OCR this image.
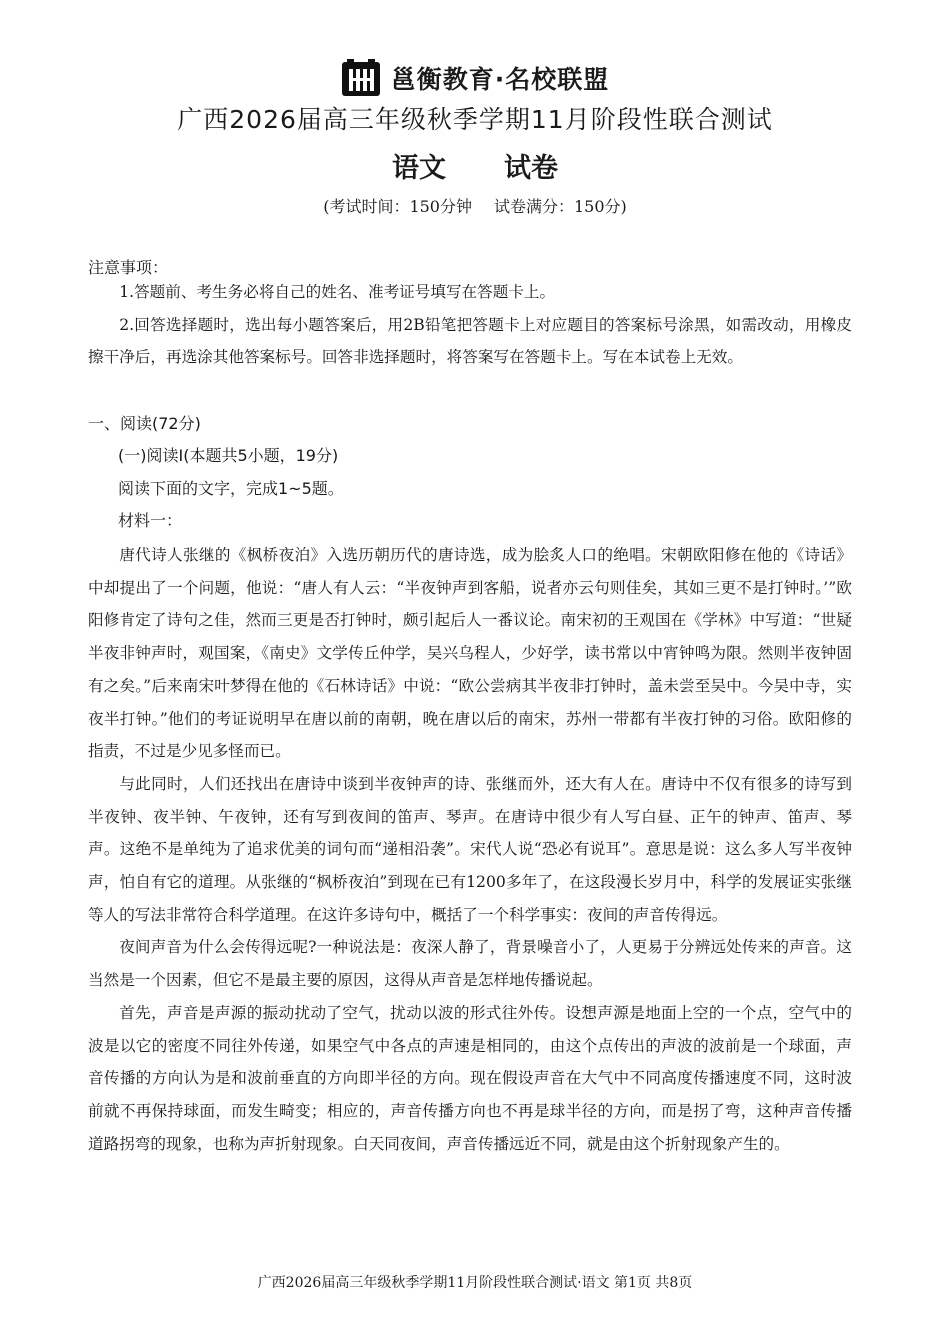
邕衡教育·名校联盟
广西2026届高三年级秋季学期11月阶段性联合测试
语文 试卷
(考试时间：150分钟 试卷满分：150分)
注意事项：

1.答题前、考生务必将自己的姓名、准考证号填写在答题卡上。

2.回答选择题时，选出每小题答案后，用2B铅笔把答题卡上对应题目的答案标号涂黑，如需改动，用橡皮擦干净后，再选涂其他答案标号。回答非选择题时，将答案写在答题卡上。写在本试卷上无效。

一、阅读(72分)
(一)阅读Ⅰ(本题共5小题，19分)
阅读下面的文字，完成1~5题。
材料一：

唐代诗人张继的《枫桥夜泊》入选历朝历代的唐诗选，成为脍炙人口的绝唱。宋朝欧阳修在他的《诗话》中却提出了一个问题，他说：“唐人有人云：“半夜钟声到客船，说者亦云句则佳矣，其如三更不是打钟时。’”欧阳修肯定了诗句之佳，然而三更是否打钟时，颇引起后人一番议论。南宋初的王观国在《学林》中写道：“世疑半夜非钟声时，观国案，《南史》文学传丘仲学，吴兴乌程人，少好学，读书常以中宵钟鸣为限。然则半夜钟固有之矣。”后来南宋叶梦得在他的《石林诗话》中说：“欧公尝病其半夜非打钟时，盖未尝至吴中。今吴中寺，实夜半打钟。”他们的考证说明早在唐以前的南朝，晚在唐以后的南宋，苏州一带都有半夜打钟的习俗。欧阳修的指责，不过是少见多怪而已。

与此同时，人们还找出在唐诗中谈到半夜钟声的诗、张继而外，还大有人在。唐诗中不仅有很多的诗写到半夜钟、夜半钟、午夜钟，还有写到夜间的笛声、琴声。在唐诗中很少有人写白昼、正午的钟声、笛声、琴声。这绝不是单纯为了追求优美的词句而“递相沿袭”。宋代人说“恐必有说耳”。意思是说：这么多人写半夜钟声，怕自有它的道理。从张继的“枫桥夜泊”到现在已有1200多年了，在这段漫长岁月中，科学的发展证实张继等人的写法非常符合科学道理。在这许多诗句中，概括了一个科学事实：夜间的声音传得远。

夜间声音为什么会传得远呢?一种说法是：夜深人静了，背景噪音小了，人更易于分辨远处传来的声音。这当然是一个因素，但它不是最主要的原因，这得从声音是怎样地传播说起。

首先，声音是声源的振动扰动了空气，扰动以波的形式往外传。设想声源是地面上空的一个点，空气中的波是以它的密度不同往外传递，如果空气中各点的声速是相同的，由这个点传出的声波的波前是一个球面，声音传播的方向认为是和波前垂直的方向即半径的方向。现在假设声音在大气中不同高度传播速度不同，这时波前就不再保持球面，而发生畸变；相应的，声音传播方向也不再是球半径的方向，而是拐了弯，这种声音传播道路拐弯的现象，也称为声折射现象。白天同夜间，声音传播远近不同，就是由这个折射现象产生的。

广西2026届高三年级秋季学期11月阶段性联合测试·语文 第1页 共8页
